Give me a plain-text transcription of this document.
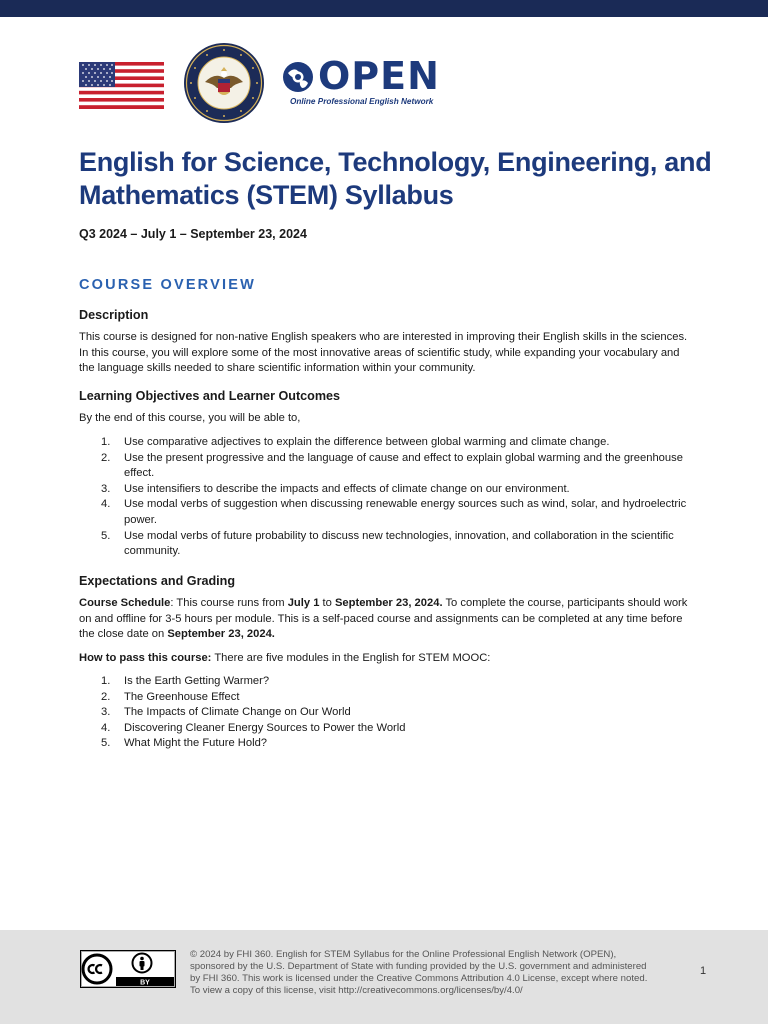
OPEN
Online Professional English Network
English for Science, Technology, Engineering, and Mathematics (STEM) Syllabus

Q3 2024 – July 1 – September 23, 2024

COURSE OVERVIEW
Description

This course is designed for non-native English speakers who are interested in improving their English skills in the sciences. In this course, you will explore some of the most innovative areas of scientific study, while expanding your vocabulary and the language skills needed to share scientific information within your community.

Learning Objectives and Learner Outcomes

By the end of this course, you will be able to,

1. Use comparative adjectives to explain the difference between global warming and climate change.
2. Use the present progressive and the language of cause and effect to explain global warming and the greenhouse effect.
3. Use intensifiers to describe the impacts and effects of climate change on our environment.
4. Use modal verbs of suggestion when discussing renewable energy sources such as wind, solar, and hydroelectric power.
5. Use modal verbs of future probability to discuss new technologies, innovation, and collaboration in the scientific community.
Expectations and Grading

Course Schedule: This course runs from July 1 to September 23, 2024. To complete the course, participants should work on and offline for 3-5 hours per module. This is a self-paced course and assignments can be completed at any time before the close date on September 23, 2024.

How to pass this course: There are five modules in the English for STEM MOOC:

1. Is the Earth Getting Warmer?
2. The Greenhouse Effect
3. The Impacts of Climate Change on Our World
4. Discovering Cleaner Energy Sources to Power the World
5. What Might the Future Hold?
BY

© 2024 by FHI 360. English for STEM Syllabus for the Online Professional English Network (OPEN), sponsored by the U.S. Department of State with funding provided by the U.S. government and administered by FHI 360. This work is licensed under the Creative Commons Attribution 4.0 License, except where noted. To view a copy of this license, visit http://creativecommons.org/licenses/by/4.0/

1
